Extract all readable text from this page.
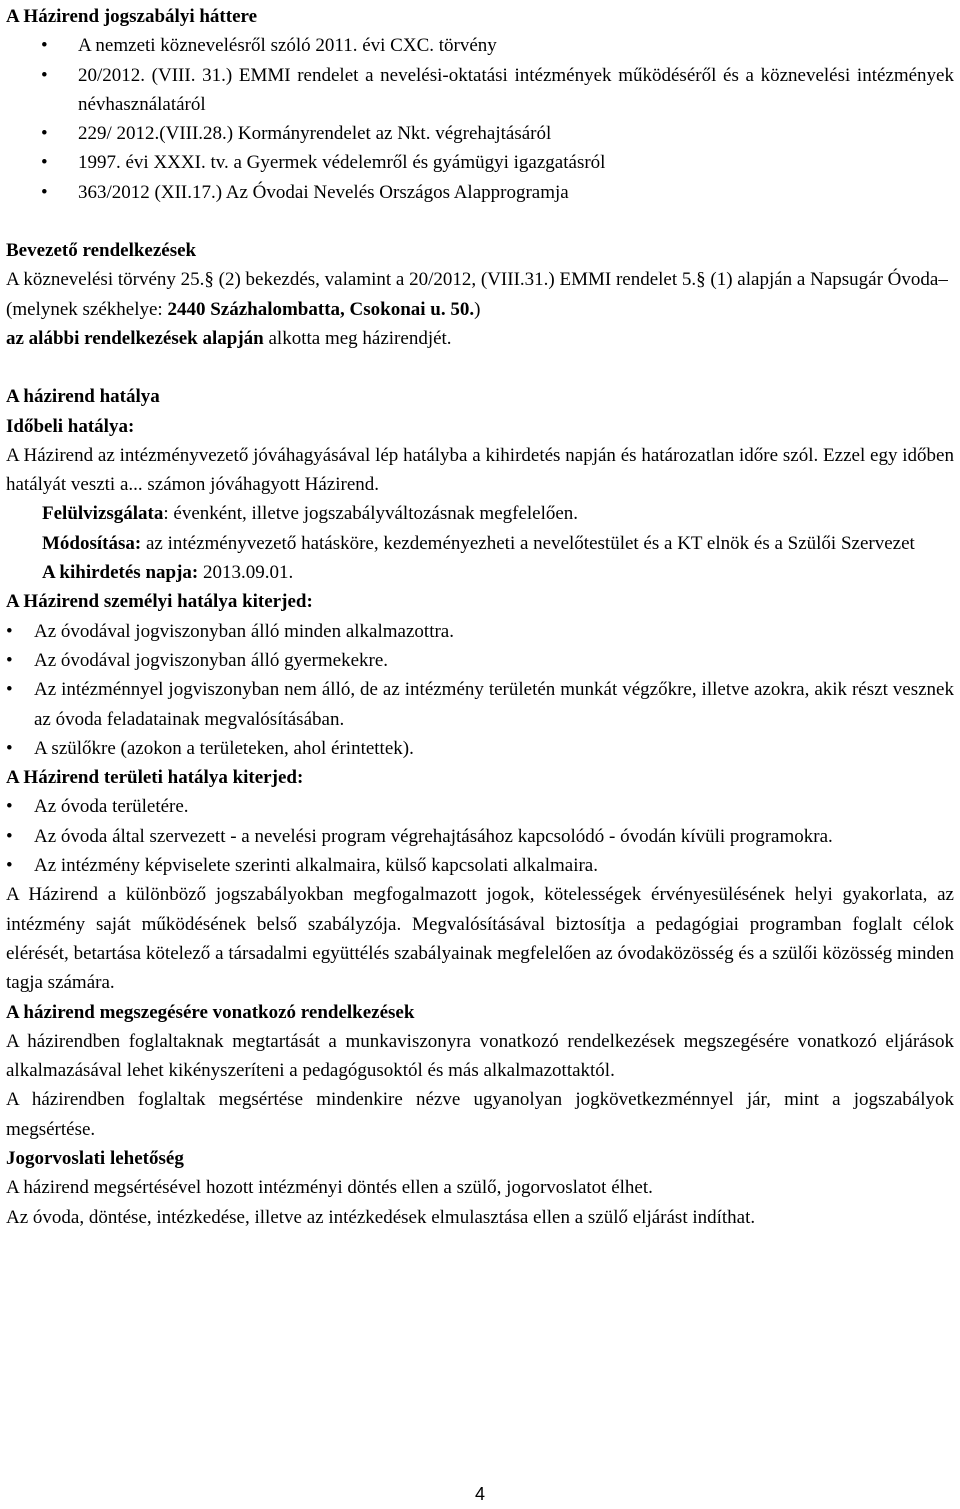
A Házirend jogszabályi háttere

• A nemzeti köznevelésről szóló 2011. évi CXC. törvény
• 20/2012. (VIII. 31.) EMMI rendelet a nevelési-oktatási intézmények működéséről és a köznevelési intézmények névhasználatáról
• 229/ 2012.(VIII.28.) Kormányrendelet az Nkt. végrehajtásáról
• 1997. évi XXXI. tv. a Gyermek védelemről és gyámügyi igazgatásról
• 363/2012 (XII.17.) Az Óvodai Nevelés Országos Alapprogramja

Bevezető rendelkezések

A köznevelési törvény 25.§ (2) bekezdés, valamint a 20/2012, (VIII.31.) EMMI rendelet 5.§ (1) alapján a Napsugár Óvoda– (melynek székhelye: 2440 Százhalombatta, Csokonai u. 50.)
az alábbi rendelkezések alapján alkotta meg házirendjét.

A házirend hatálya

Időbeli hatálya:

A Házirend az intézményvezető jóváhagyásával lép hatályba a kihirdetés napján és határozatlan időre szól. Ezzel egy időben hatályát veszti a... számon jóváhagyott Házirend.

Felülvizsgálata: évenként, illetve jogszabályváltozásnak megfelelően.

Módosítása: az intézményvezető hatásköre, kezdeményezheti a nevelőtestület és a KT elnök és a Szülői Szervezet

A kihirdetés napja: 2013.09.01.

A Házirend személyi hatálya kiterjed:

• Az óvodával jogviszonyban álló minden alkalmazottra.
• Az óvodával jogviszonyban álló gyermekekre.
• Az intézménnyel jogviszonyban nem álló, de az intézmény területén munkát végzőkre, illetve azokra, akik részt vesznek az óvoda feladatainak megvalósításában.
• A szülőkre (azokon a területeken, ahol érintettek).

A Házirend területi hatálya kiterjed:

• Az óvoda területére.
• Az óvoda által szervezett - a nevelési program végrehajtásához kapcsolódó - óvodán kívüli programokra.
• Az intézmény képviselete szerinti alkalmaira, külső kapcsolati alkalmaira.

A Házirend a különböző jogszabályokban megfogalmazott jogok, kötelességek érvényesülésének helyi gyakorlata, az intézmény saját működésének belső szabályzója. Megvalósításával biztosítja a pedagógiai programban foglalt célok elérését, betartása kötelező a társadalmi együttélés szabályainak megfelelően az óvodaközösség és a szülői közösség minden tagja számára.

A házirend megszegésére vonatkozó rendelkezések

A házirendben foglaltaknak megtartását a munkaviszonyra vonatkozó rendelkezések megszegésére vonatkozó eljárások alkalmazásával lehet kikényszeríteni a pedagógusoktól és más alkalmazottaktól.

A házirendben foglaltak megsértése mindenkire nézve ugyanolyan jogkövetkezménnyel jár, mint a jogszabályok megsértése.

Jogorvoslati lehetőség

A házirend megsértésével hozott intézményi döntés ellen a szülő, jogorvoslatot élhet.

Az óvoda, döntése, intézkedése, illetve az intézkedések elmulasztása ellen a szülő eljárást indíthat.

4
